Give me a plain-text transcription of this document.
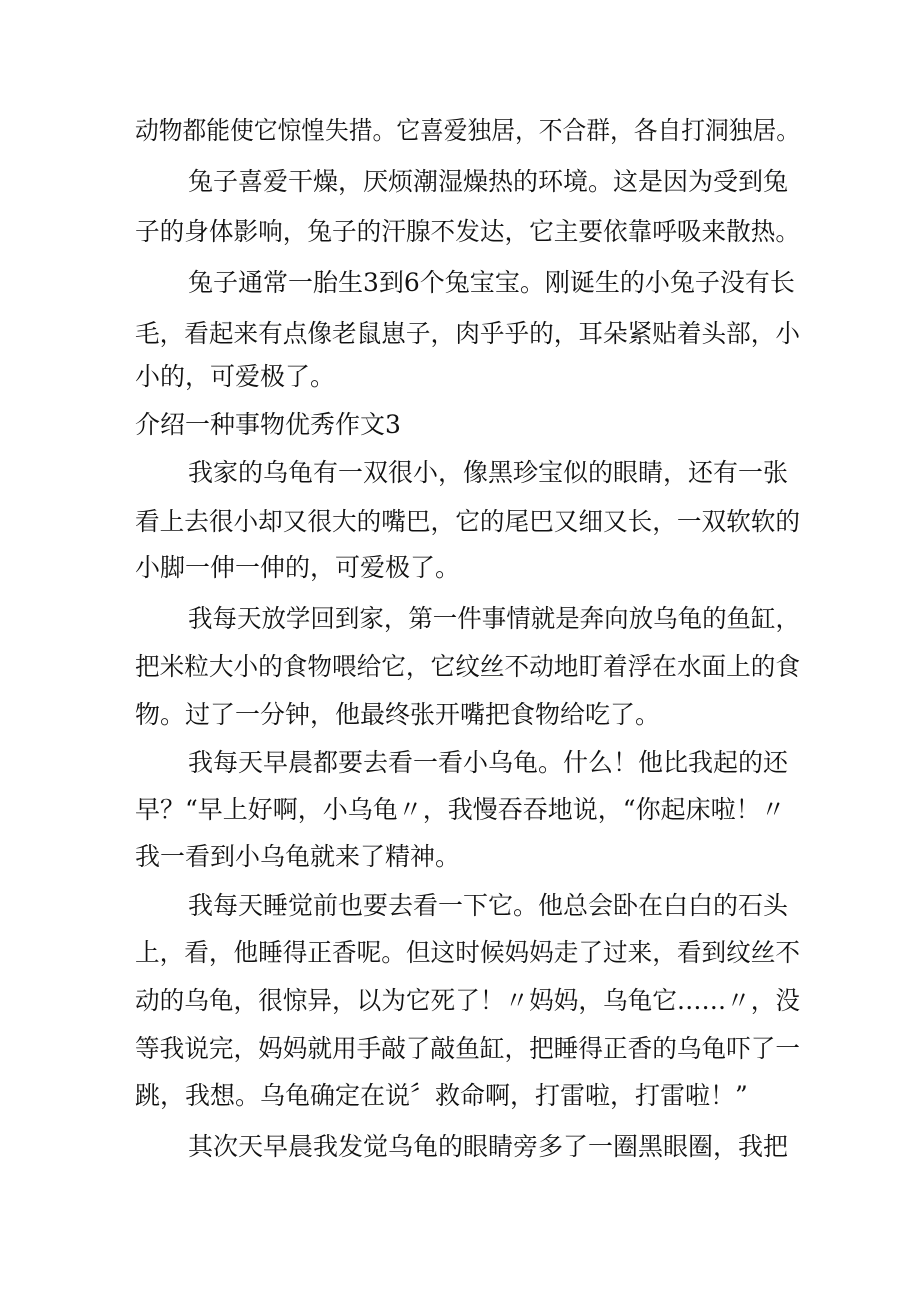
动物都能使它惊惶失措。它喜爱独居，不合群，各自打洞独居。
兔子喜爱干燥，厌烦潮湿燥热的环境。这是因为受到兔
子的身体影响，兔子的汗腺不发达，它主要依靠呼吸来散热。
兔子通常一胎生3到6个兔宝宝。刚诞生的小兔子没有长
毛，看起来有点像老鼠崽子，肉乎乎的，耳朵紧贴着头部，小
小的，可爱极了。
介绍一种事物优秀作文3
我家的乌龟有一双很小，像黑珍宝似的眼睛，还有一张
看上去很小却又很大的嘴巴，它的尾巴又细又长，一双软软的
小脚一伸一伸的，可爱极了。
我每天放学回到家，第一件事情就是奔向放乌龟的鱼缸，
把米粒大小的食物喂给它，它纹丝不动地盯着浮在水面上的食
物。过了一分钟，他最终张开嘴把食物给吃了。
我每天早晨都要去看一看小乌龟。什么！他比我起的还
早？“早上好啊，小乌龟〃，我慢吞吞地说，“你起床啦！〃
我一看到小乌龟就来了精神。
我每天睡觉前也要去看一下它。他总会卧在白白的石头
上，看，他睡得正香呢。但这时候妈妈走了过来，看到纹丝不
动的乌龟，很惊异，以为它死了！〃妈妈，乌龟它……〃，没
等我说完，妈妈就用手敲了敲鱼缸，把睡得正香的乌龟吓了一
跳，我想。乌龟确定在说〞救命啊，打雷啦，打雷啦！”
其次天早晨我发觉乌龟的眼睛旁多了一圈黑眼圈，我把
